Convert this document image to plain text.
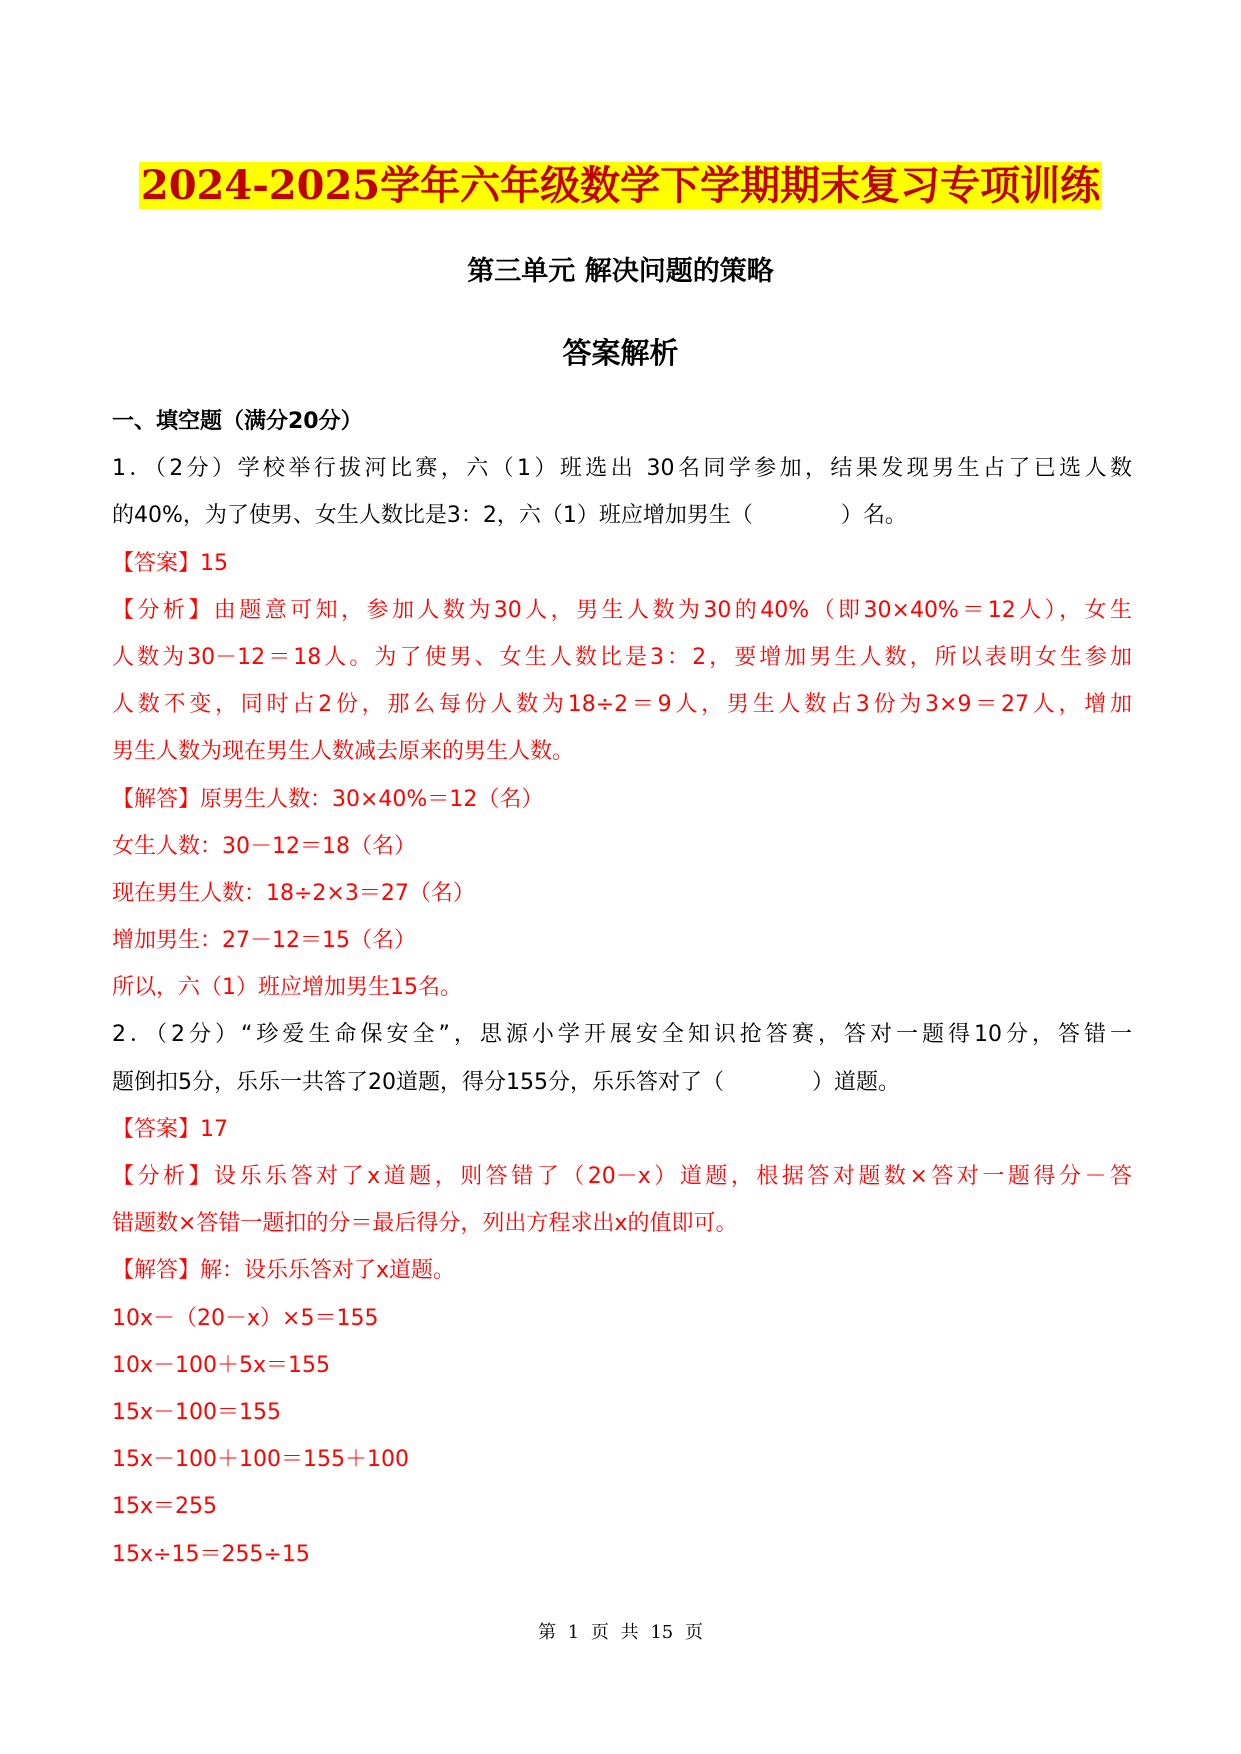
2024-2025学年六年级数学下学期期末复习专项训练
第三单元 解决问题的策略
答案解析
一、填空题（满分20分）
1．（2分）学校举行拔河比赛，六（1）班选出 30名同学参加，结果发现男生占了已选人数
的40%，为了使男、女生人数比是3：2，六（1）班应增加男生（　　　　）名。
【答案】15
【分析】由题意可知，参加人数为30人，男生人数为30的40%（即30×40%＝12人），女生
人数为30－12＝18人。为了使男、女生人数比是3：2，要增加男生人数，所以表明女生参加
人数不变，同时占2份，那么每份人数为18÷2＝9人，男生人数占3份为3×9＝27人，增加
男生人数为现在男生人数减去原来的男生人数。
【解答】原男生人数：30×40%＝12（名）
女生人数：30－12＝18（名）
现在男生人数：18÷2×3＝27（名）
增加男生：27－12＝15（名）
所以，六（1）班应增加男生15名。
2．（2分）“珍爱生命保安全”，思源小学开展安全知识抢答赛，答对一题得10分，答错一
题倒扣5分，乐乐一共答了20道题，得分155分，乐乐答对了（　　　　）道题。
【答案】17
【分析】设乐乐答对了x道题，则答错了（20－x）道题，根据答对题数×答对一题得分－答
错题数×答错一题扣的分＝最后得分，列出方程求出x的值即可。
【解答】解：设乐乐答对了x道题。
10x－（20－x）×5＝155
10x－100＋5x＝155
15x－100＝155
15x－100＋100＝155＋100
15x＝255
15x÷15＝255÷15
第 1 页 共 15 页
